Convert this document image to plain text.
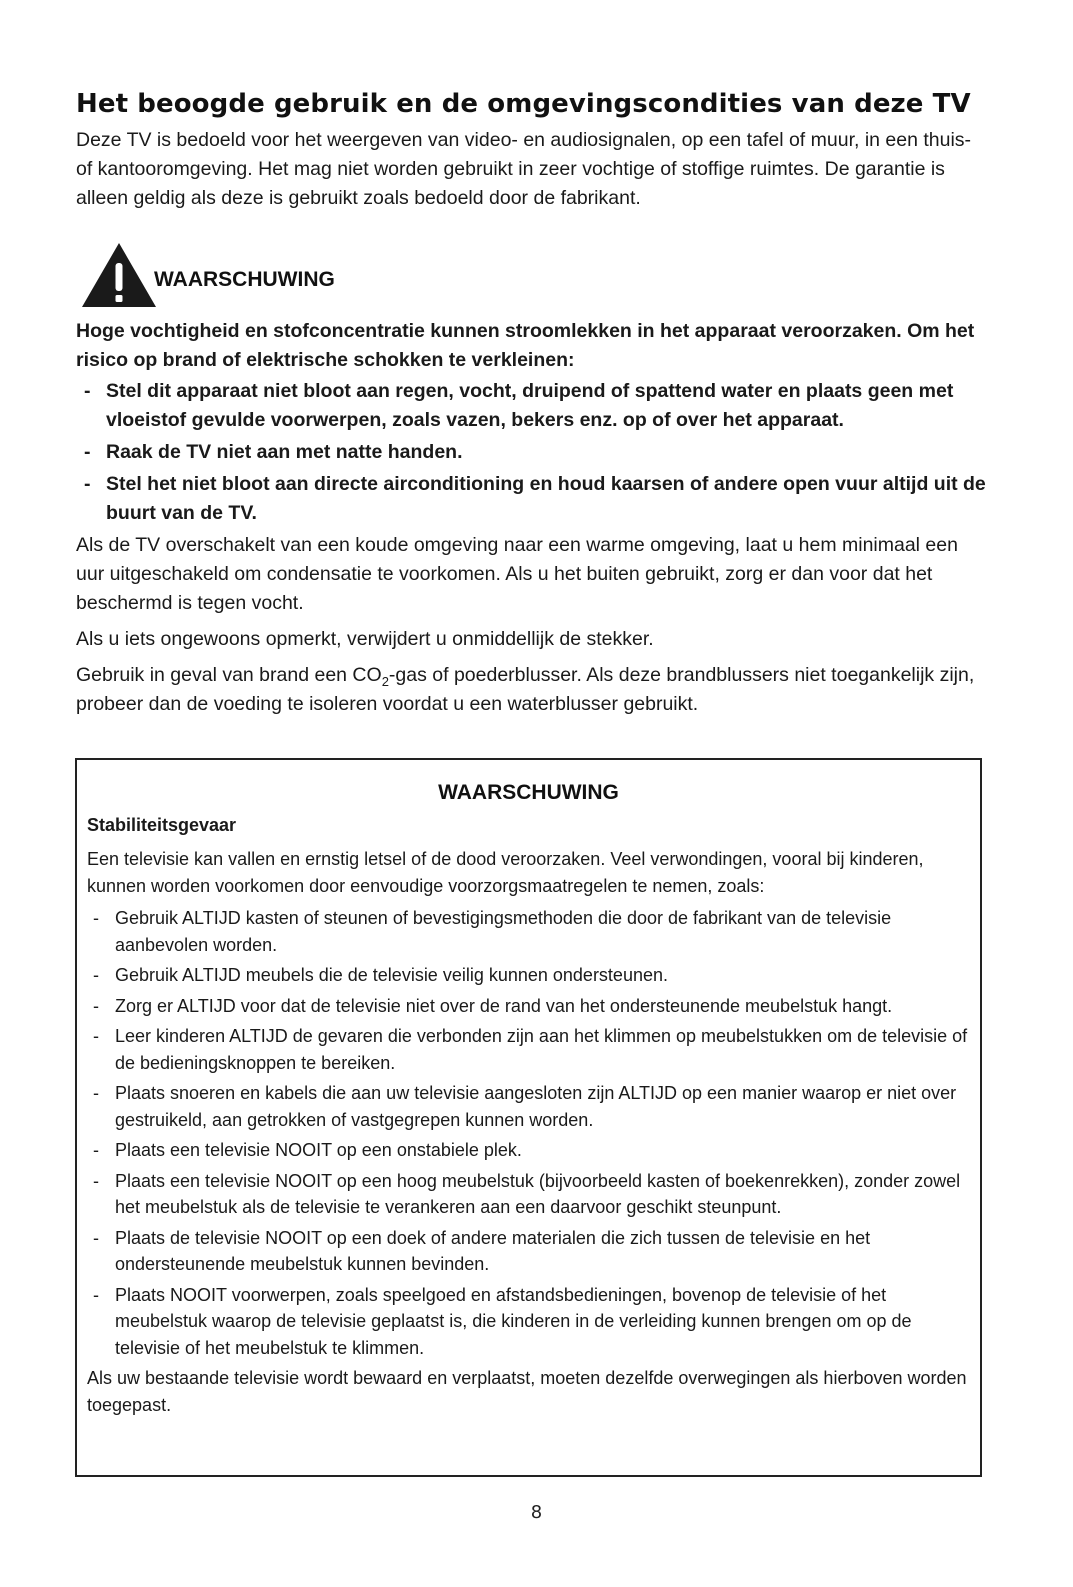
Het beoogde gebruik en de omgevingscondities van deze TV

Deze TV is bedoeld voor het weergeven van video- en audiosignalen, op een tafel of muur, in een thuis- of kantooromgeving. Het mag niet worden gebruikt in zeer vochtige of stoffige ruimtes. De garantie is alleen geldig als deze is gebruikt zoals bedoeld door de fabrikant.

WAARSCHUWING

Hoge vochtigheid en stofconcentratie kunnen stroomlekken in het apparaat veroorzaken. Om het risico op brand of elektrische schokken te verkleinen:

- Stel dit apparaat niet bloot aan regen, vocht, druipend of spattend water en plaats geen met vloeistof gevulde voorwerpen, zoals vazen, bekers enz. op of over het apparaat.
- Raak de TV niet aan met natte handen.
- Stel het niet bloot aan directe airconditioning en houd kaarsen of andere open vuur altijd uit de buurt van de TV.

Als de TV overschakelt van een koude omgeving naar een warme omgeving, laat u hem minimaal een uur uitgeschakeld om condensatie te voorkomen. Als u het buiten gebruikt, zorg er dan voor dat het beschermd is tegen vocht.

Als u iets ongewoons opmerkt, verwijdert u onmiddellijk de stekker.

Gebruik in geval van brand een $CO_2$-gas of poederblusser. Als deze brandblussers niet toegankelijk zijn, probeer dan de voeding te isoleren voordat u een waterblusser gebruikt.

WAARSCHUWING
Stabiliteitsgevaar

Een televisie kan vallen en ernstig letsel of de dood veroorzaken. Veel verwondingen, vooral bij kinderen, kunnen worden voorkomen door eenvoudige voorzorgsmaatregelen te nemen, zoals:

- Gebruik ALTIJD kasten of steunen of bevestigingsmethoden die door de fabrikant van de televisie aanbevolen worden.
- Gebruik ALTIJD meubels die de televisie veilig kunnen ondersteunen.
- Zorg er ALTIJD voor dat de televisie niet over de rand van het ondersteunende meubelstuk hangt.
- Leer kinderen ALTIJD de gevaren die verbonden zijn aan het klimmen op meubelstukken om de televisie of de bedieningsknoppen te bereiken.
- Plaats snoeren en kabels die aan uw televisie aangesloten zijn ALTIJD op een manier waarop er niet over gestruikeld, aan getrokken of vastgegrepen kunnen worden.
- Plaats een televisie NOOIT op een onstabiele plek.
- Plaats een televisie NOOIT op een hoog meubelstuk (bijvoorbeeld kasten of boekenrekken), zonder zowel het meubelstuk als de televisie te verankeren aan een daarvoor geschikt steunpunt.
- Plaats de televisie NOOIT op een doek of andere materialen die zich tussen de televisie en het ondersteunende meubelstuk kunnen bevinden.
- Plaats NOOIT voorwerpen, zoals speelgoed en afstandsbedieningen, bovenop de televisie of het meubelstuk waarop de televisie geplaatst is, die kinderen in de verleiding kunnen brengen om op de televisie of het meubelstuk te klimmen.

Als uw bestaande televisie wordt bewaard en verplaatst, moeten dezelfde overwegingen als hierboven worden toegepast.

8
